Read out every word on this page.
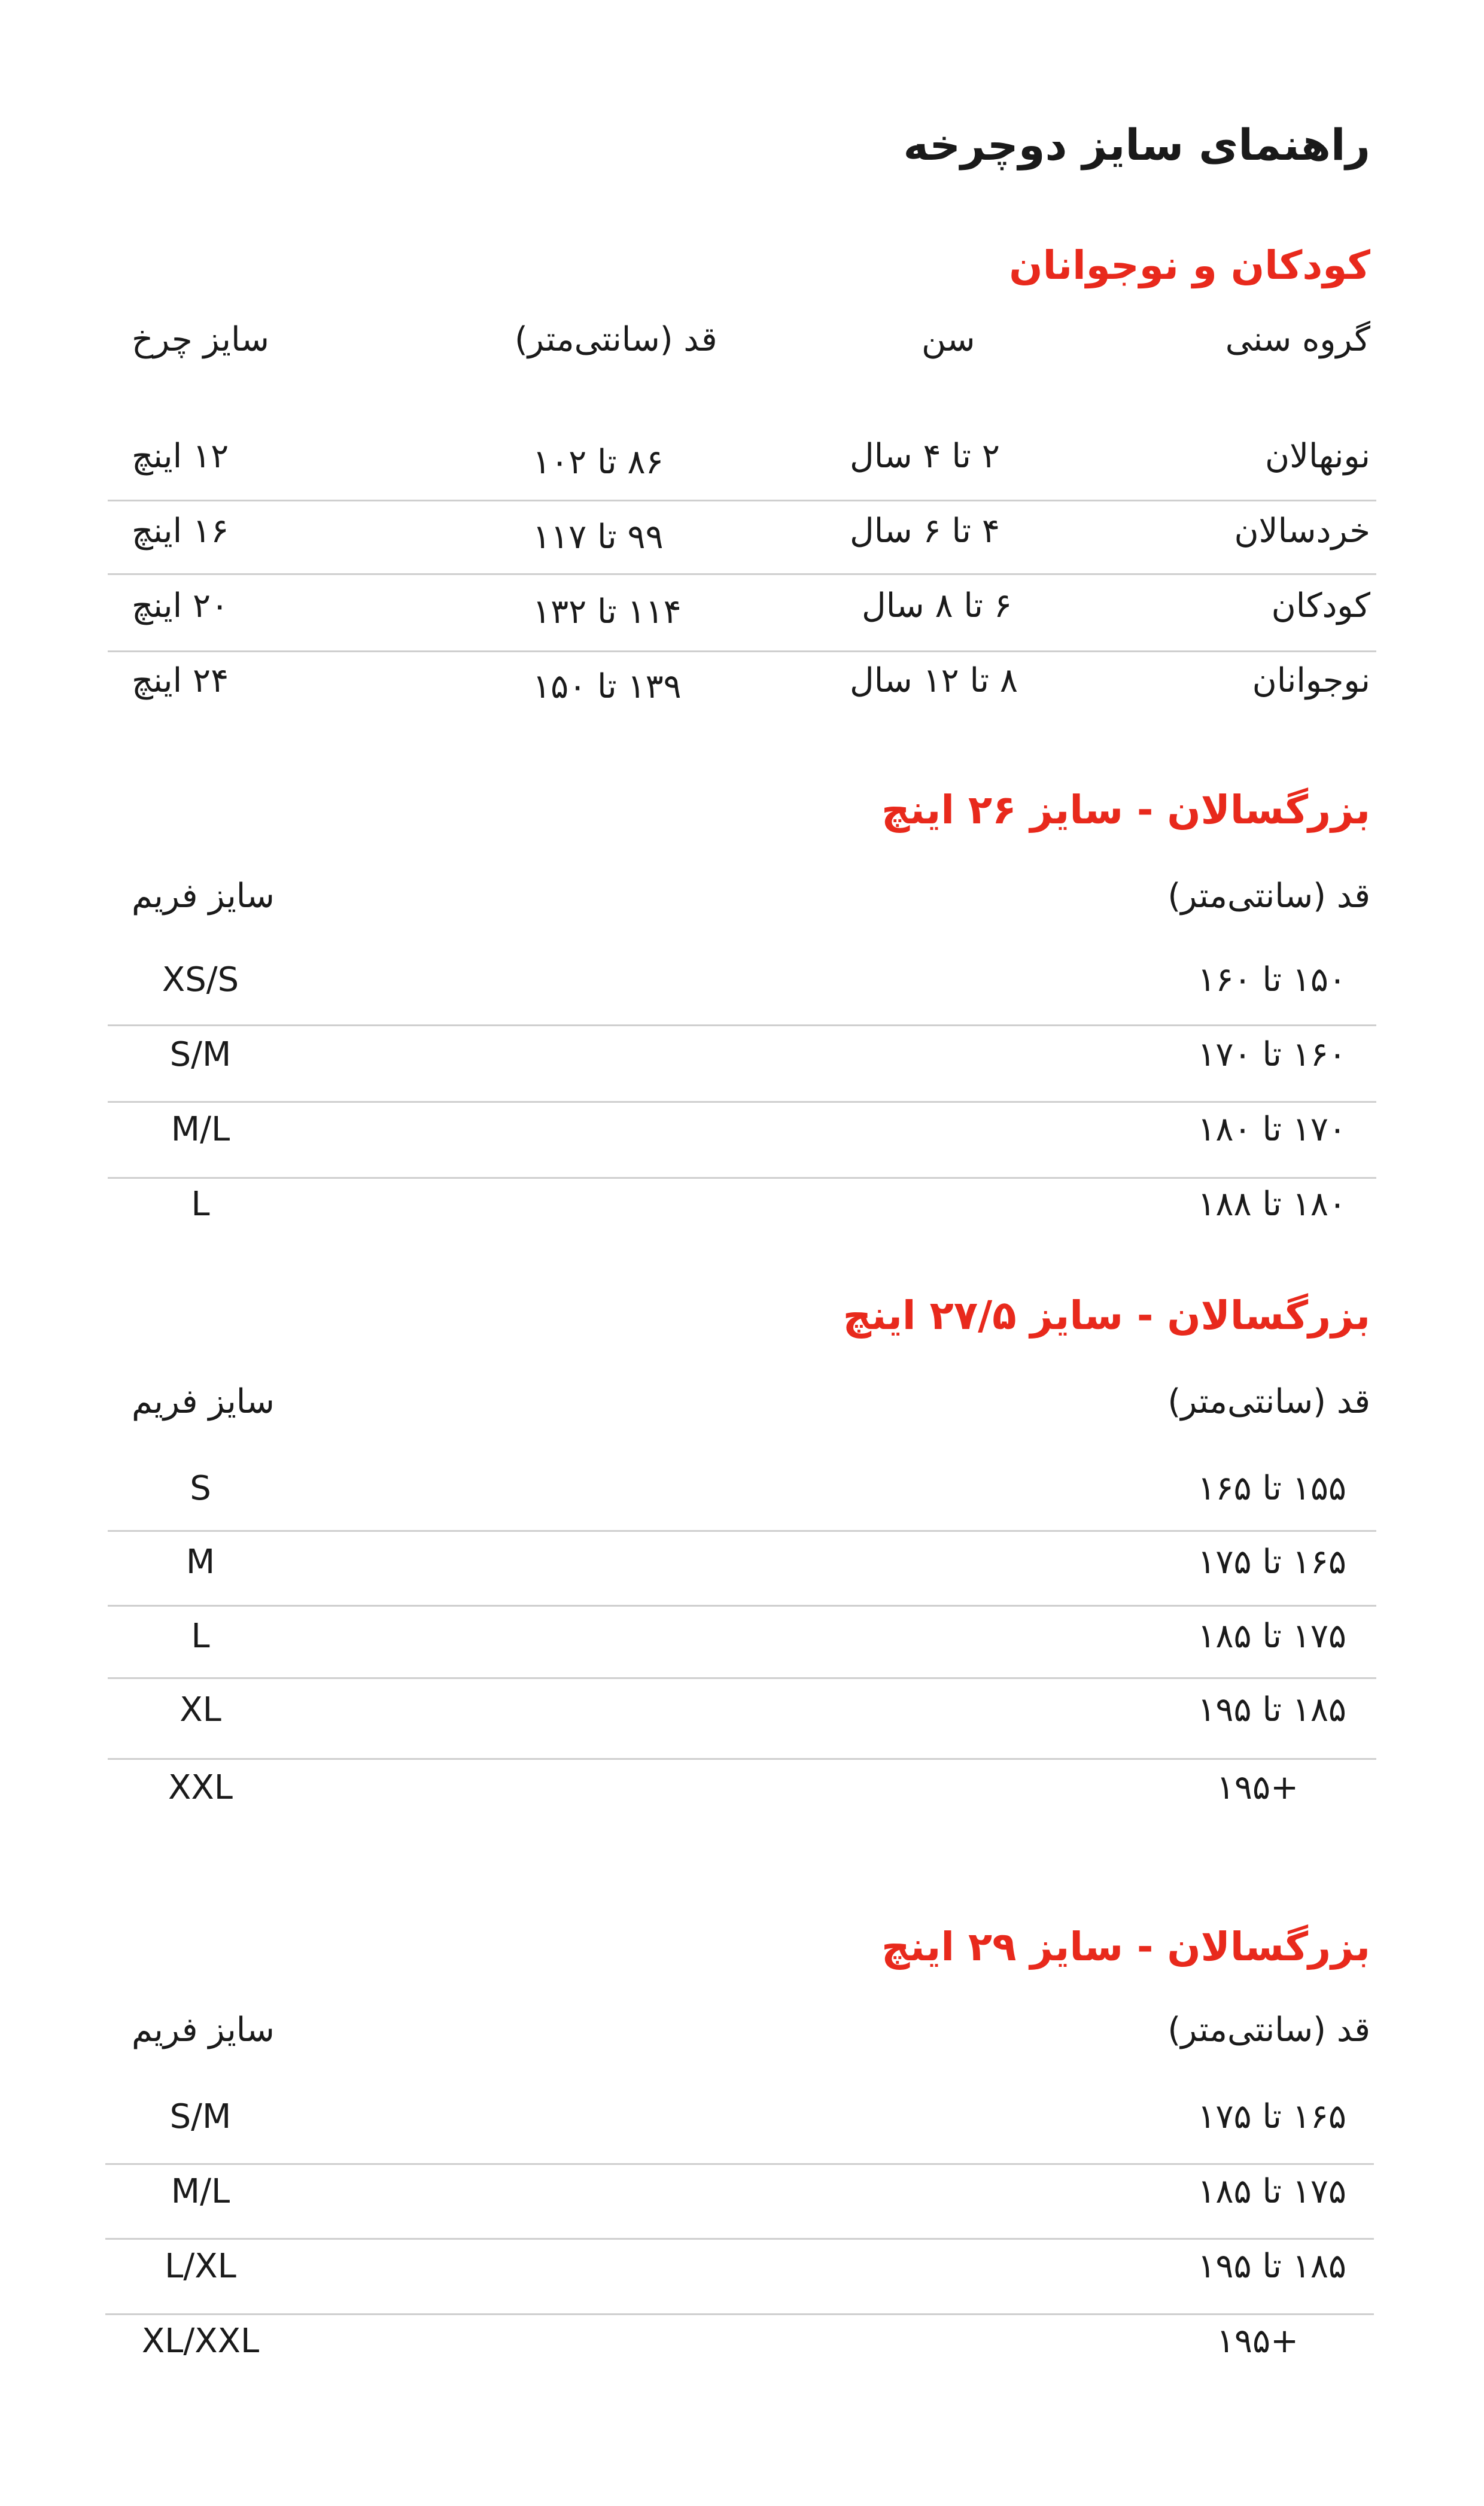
راهنمای سایز دوچرخه
کودکان و نوجوانان
گروه سنی
سن
قد (سانتی‌متر)
سایز چرخ
نونهالان
۲ تا ۴ سال
۸۶ تا ۱۰۲
۱۲ اینچ
خردسالان
۴ تا ۶ سال
۹۹ تا ۱۱۷
۱۶ اینچ
کودکان
۶ تا ۸ سال
۱۱۴ تا ۱۳۲
۲۰ اینچ
نوجوانان
۸ تا ۱۲ سال
۱۳۹ تا ۱۵۰
۲۴ اینچ
بزرگسالان - سایز ۲۶ اینچ
قد (سانتی‌متر)
سایز فریم
۱۵۰ تا ۱۶۰
XS/S
۱۶۰ تا ۱۷۰
S/M
۱۷۰ تا ۱۸۰
M/L
۱۸۰ تا ۱۸۸
L
بزرگسالان - سایز ۲۷/۵ اینچ
قد (سانتی‌متر)
سایز فریم
۱۵۵ تا ۱۶۵
S
۱۶۵ تا ۱۷۵
M
۱۷۵ تا ۱۸۵
L
۱۸۵ تا ۱۹۵
XL
+۱۹۵
XXL
بزرگسالان - سایز ۲۹ اینچ
قد (سانتی‌متر)
سایز فریم
۱۶۵ تا ۱۷۵
S/M
۱۷۵ تا ۱۸۵
M/L
۱۸۵ تا ۱۹۵
L/XL
+۱۹۵
XL/XXL
